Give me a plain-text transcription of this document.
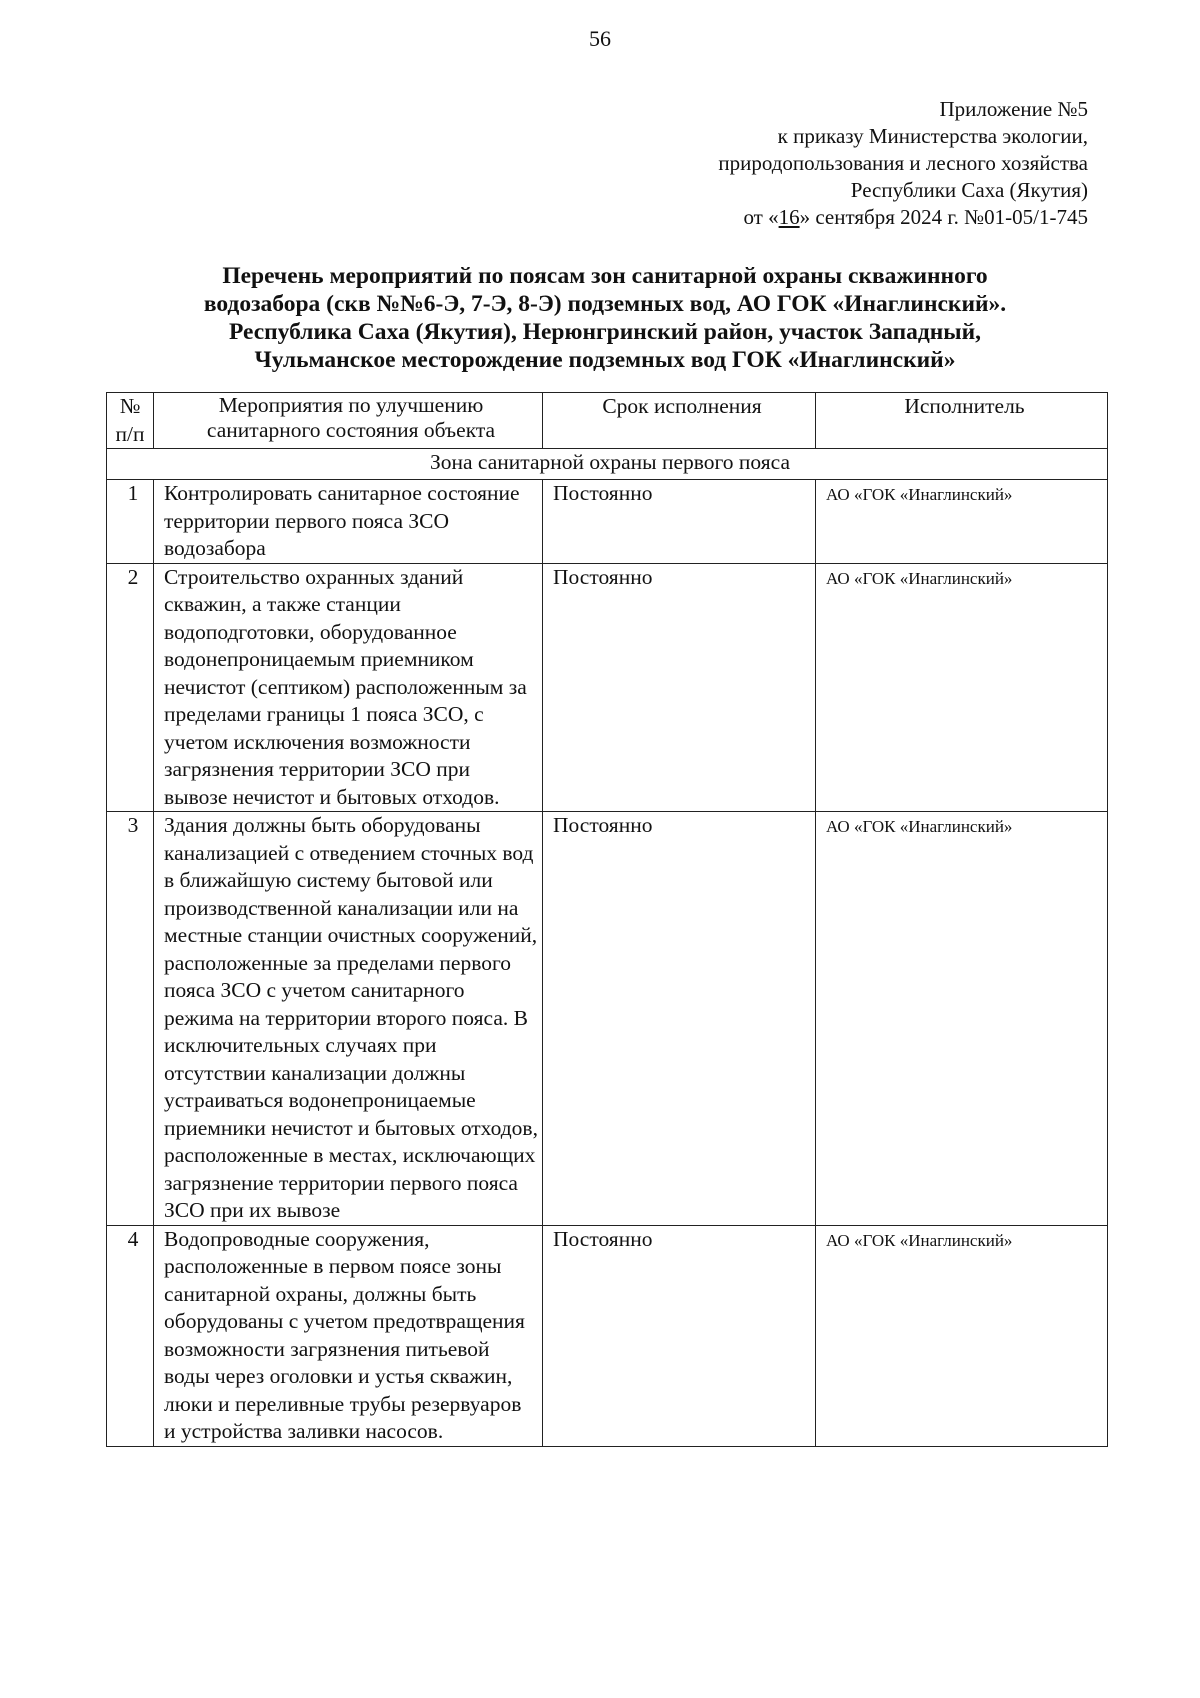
56
Приложение №5
к приказу Министерства экологии,
природопользования и лесного хозяйства
Республики Саха (Якутия)
от «16» сентября 2024 г. №01-05/1-745
Перечень мероприятий по поясам зон санитарной охраны скважинного
водозабора (скв №№6-Э, 7-Э, 8-Э) подземных вод, АО ГОК «Инаглинский».
Республика Саха (Якутия), Нерюнгринский район, участок Западный,
Чульманское месторождение подземных вод ГОК «Инаглинский»
№
п/п	Мероприятия по улучшению санитарного состояния объекта	Срок исполнения	Исполнитель
Зона санитарной охраны первого пояса			
1	Контролировать санитарное состояние территории первого пояса ЗСО водозабора	Постоянно	АО «ГОК «Инаглинский»
2	Строительство охранных зданий скважин, а также станции водоподготовки, оборудованное водонепроницаемым приемником нечистот (септиком) расположенным за пределами границы 1 пояса ЗСО, с учетом исключения возможности загрязнения территории ЗСО при вывозе нечистот и бытовых отходов.	Постоянно	АО «ГОК «Инаглинский»
3	Здания должны быть оборудованы канализацией с отведением сточных вод в ближайшую систему бытовой или производственной канализации или на местные станции очистных сооружений, расположенные за пределами первого пояса ЗСО с учетом санитарного режима на территории второго пояса. В исключительных случаях при отсутствии канализации должны устраиваться водонепроницаемые приемники нечистот и бытовых отходов, расположенные в местах, исключающих загрязнение территории первого пояса ЗСО при их вывозе	Постоянно	АО «ГОК «Инаглинский»
4	Водопроводные сооружения, расположенные в первом поясе зоны санитарной охраны, должны быть оборудованы с учетом предотвращения возможности загрязнения питьевой воды через оголовки и устья скважин, люки и переливные трубы резервуаров и устройства заливки насосов.	Постоянно	АО «ГОК «Инаглинский»
